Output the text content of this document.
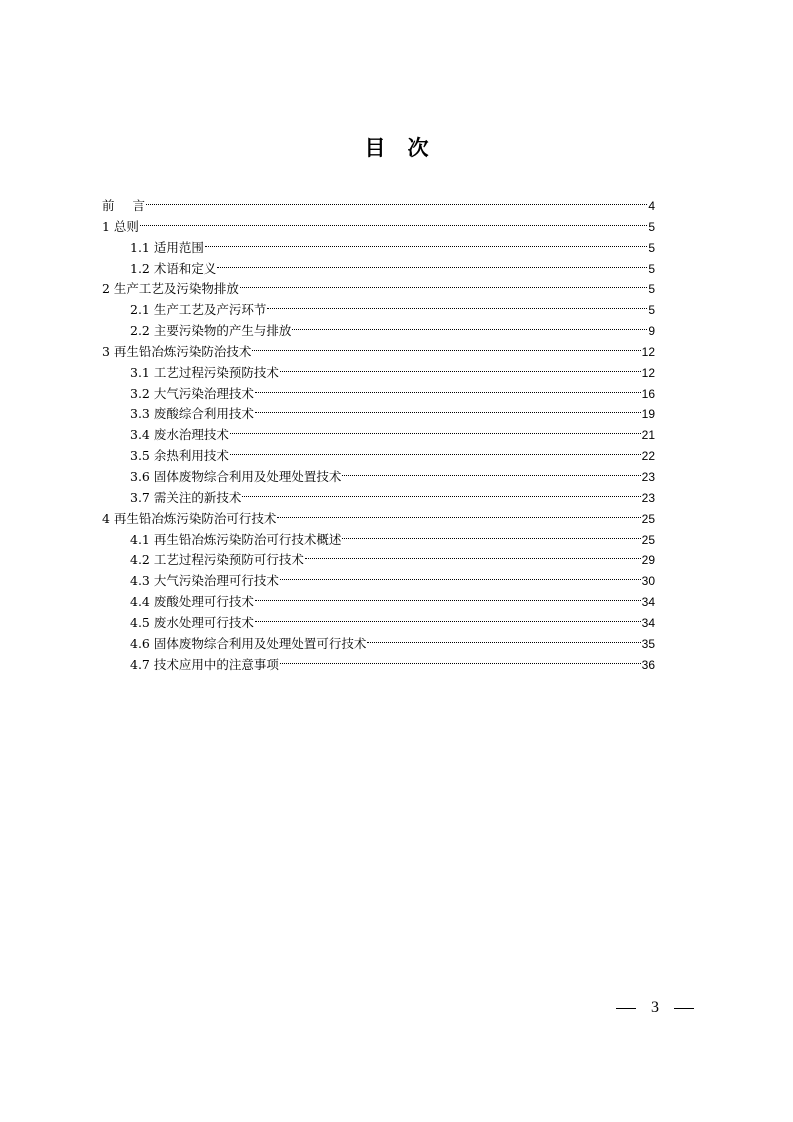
目 次
前 言	4
1 总则	5
1.1 适用范围	5
1.2 术语和定义	5
2 生产工艺及污染物排放	5
2.1 生产工艺及产污环节	5
2.2 主要污染物的产生与排放	9
3 再生铅冶炼污染防治技术	12
3.1 工艺过程污染预防技术	12
3.2 大气污染治理技术	16
3.3 废酸综合利用技术	19
3.4 废水治理技术	21
3.5 余热利用技术	22
3.6 固体废物综合利用及处理处置技术	23
3.7 需关注的新技术	23
4 再生铅冶炼污染防治可行技术	25
4.1 再生铅冶炼污染防治可行技术概述	25
4.2 工艺过程污染预防可行技术	29
4.3 大气污染治理可行技术	30
4.4 废酸处理可行技术	34
4.5 废水处理可行技术	34
4.6 固体废物综合利用及处理处置可行技术	35
4.7 技术应用中的注意事项	36
3
